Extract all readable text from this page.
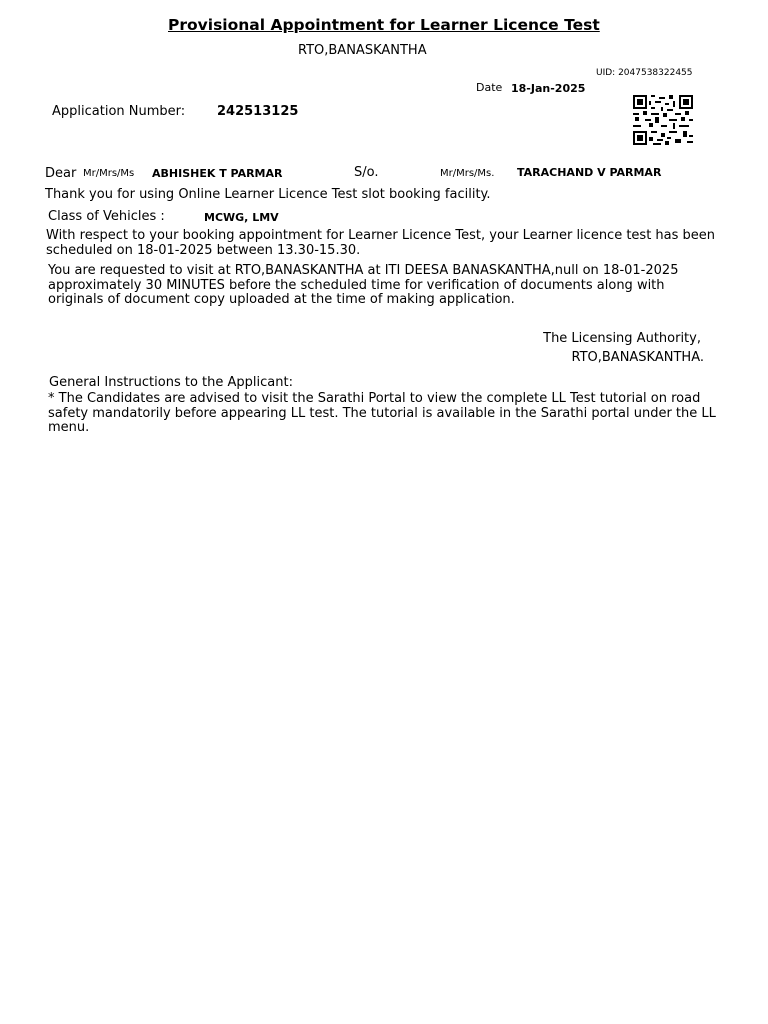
Provisional Appointment for Learner Licence Test
RTO,BANASKANTHA
UID: 2047538322455
Date 18-Jan-2025
Application Number: 242513125
Dear Mr/Mrs/Ms ABHISHEK T PARMAR	S/o.	Mr/Mrs/Ms. TARACHAND V PARMAR
Thank you for using Online Learner Licence Test slot booking facility.
Class of Vehicles :	MCWG, LMV
With respect to your booking appointment for Learner Licence Test, your Learner licence test has been scheduled on 18-01-2025 between 13.30-15.30.
You are requested to visit at RTO,BANASKANTHA at ITI DEESA BANASKANTHA,null on 18-01-2025 approximately 30 MINUTES before the scheduled time for verification of documents along with originals of document copy uploaded at the time of making application.
The Licensing Authority,
RTO,BANASKANTHA.
General Instructions to the Applicant:
* The Candidates are advised to visit the Sarathi Portal to view the complete LL Test tutorial on road safety mandatorily before appearing LL test. The tutorial is available in the Sarathi portal under the LL menu.
